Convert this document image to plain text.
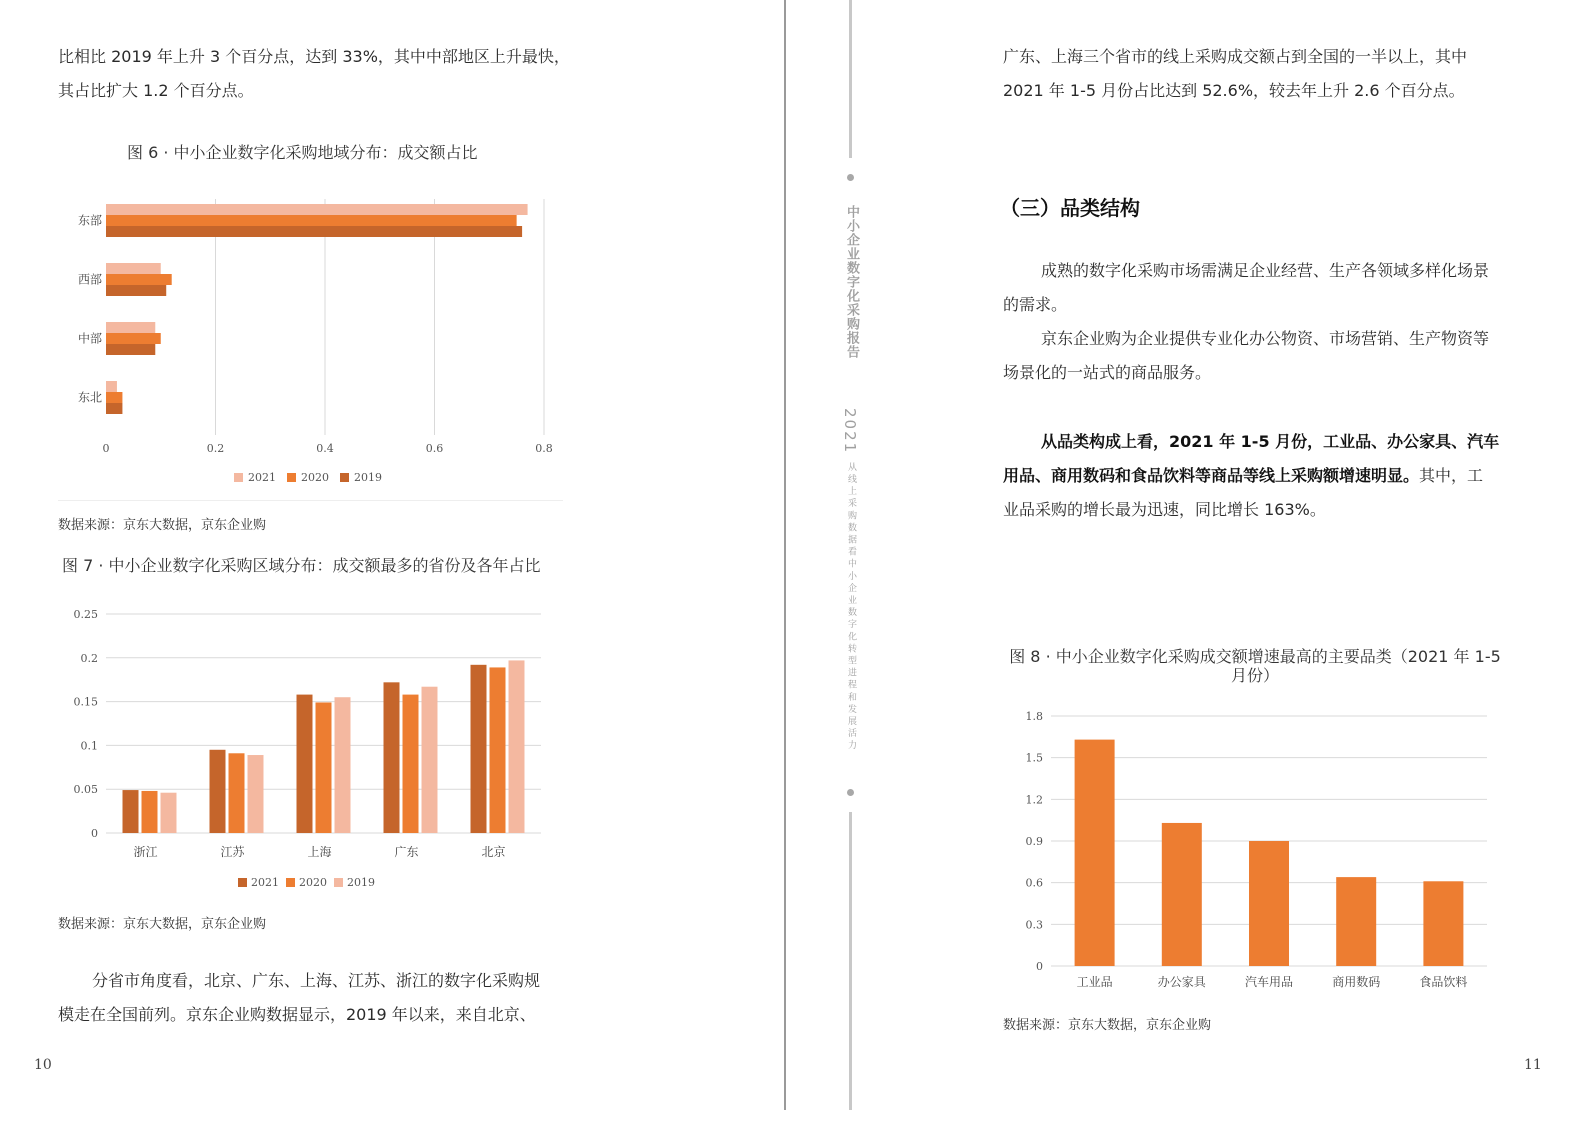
比相比 2019 年上升 3 个百分点，达到 33%，其中中部地区上升最快，
其占比扩大 1.2 个百分点。
图 6 · 中小企业数字化采购地域分布：成交额占比
东部
西部
中部
东北
0	0.2	0.4	0.6	0.8
2021 2020 2019
数据来源：京东大数据，京东企业购
图 7 · 中小企业数字化采购区域分布：成交额最多的省份及各年占比
0
0.05
0.1
0.15
0.2
0.25
浙江	江苏	上海	广东	北京
2021 2020 2019
数据来源：京东大数据，京东企业购
分省市角度看，北京、广东、上海、江苏、浙江的数字化采购规
模走在全国前列。京东企业购数据显示，2019 年以来，来自北京、
10
中小企业数字化采购报告
2021
从线上采购数据看中小企业数字化转型进程和发展活力
广东、上海三个省市的线上采购成交额占到全国的一半以上，其中
2021 年 1-5 月份占比达到 52.6%，较去年上升 2.6 个百分点。
（三）品类结构
成熟的数字化采购市场需满足企业经营、生产各领域多样化场景
的需求。
京东企业购为企业提供专业化办公物资、市场营销、生产物资等
场景化的一站式的商品服务。
从品类构成上看，2021 年 1-5 月份，工业品、办公家具、汽车
用品、商用数码和食品饮料等商品等线上采购额增速明显。其中，工
业品采购的增长最为迅速，同比增长 163%。
图 8 · 中小企业数字化采购成交额增速最高的主要品类（2021 年 1-5
月份）
0
0.3
0.6
0.9
1.2
1.5
1.8
工业品	办公家具	汽车用品	商用数码	食品饮料
数据来源：京东大数据，京东企业购
11
